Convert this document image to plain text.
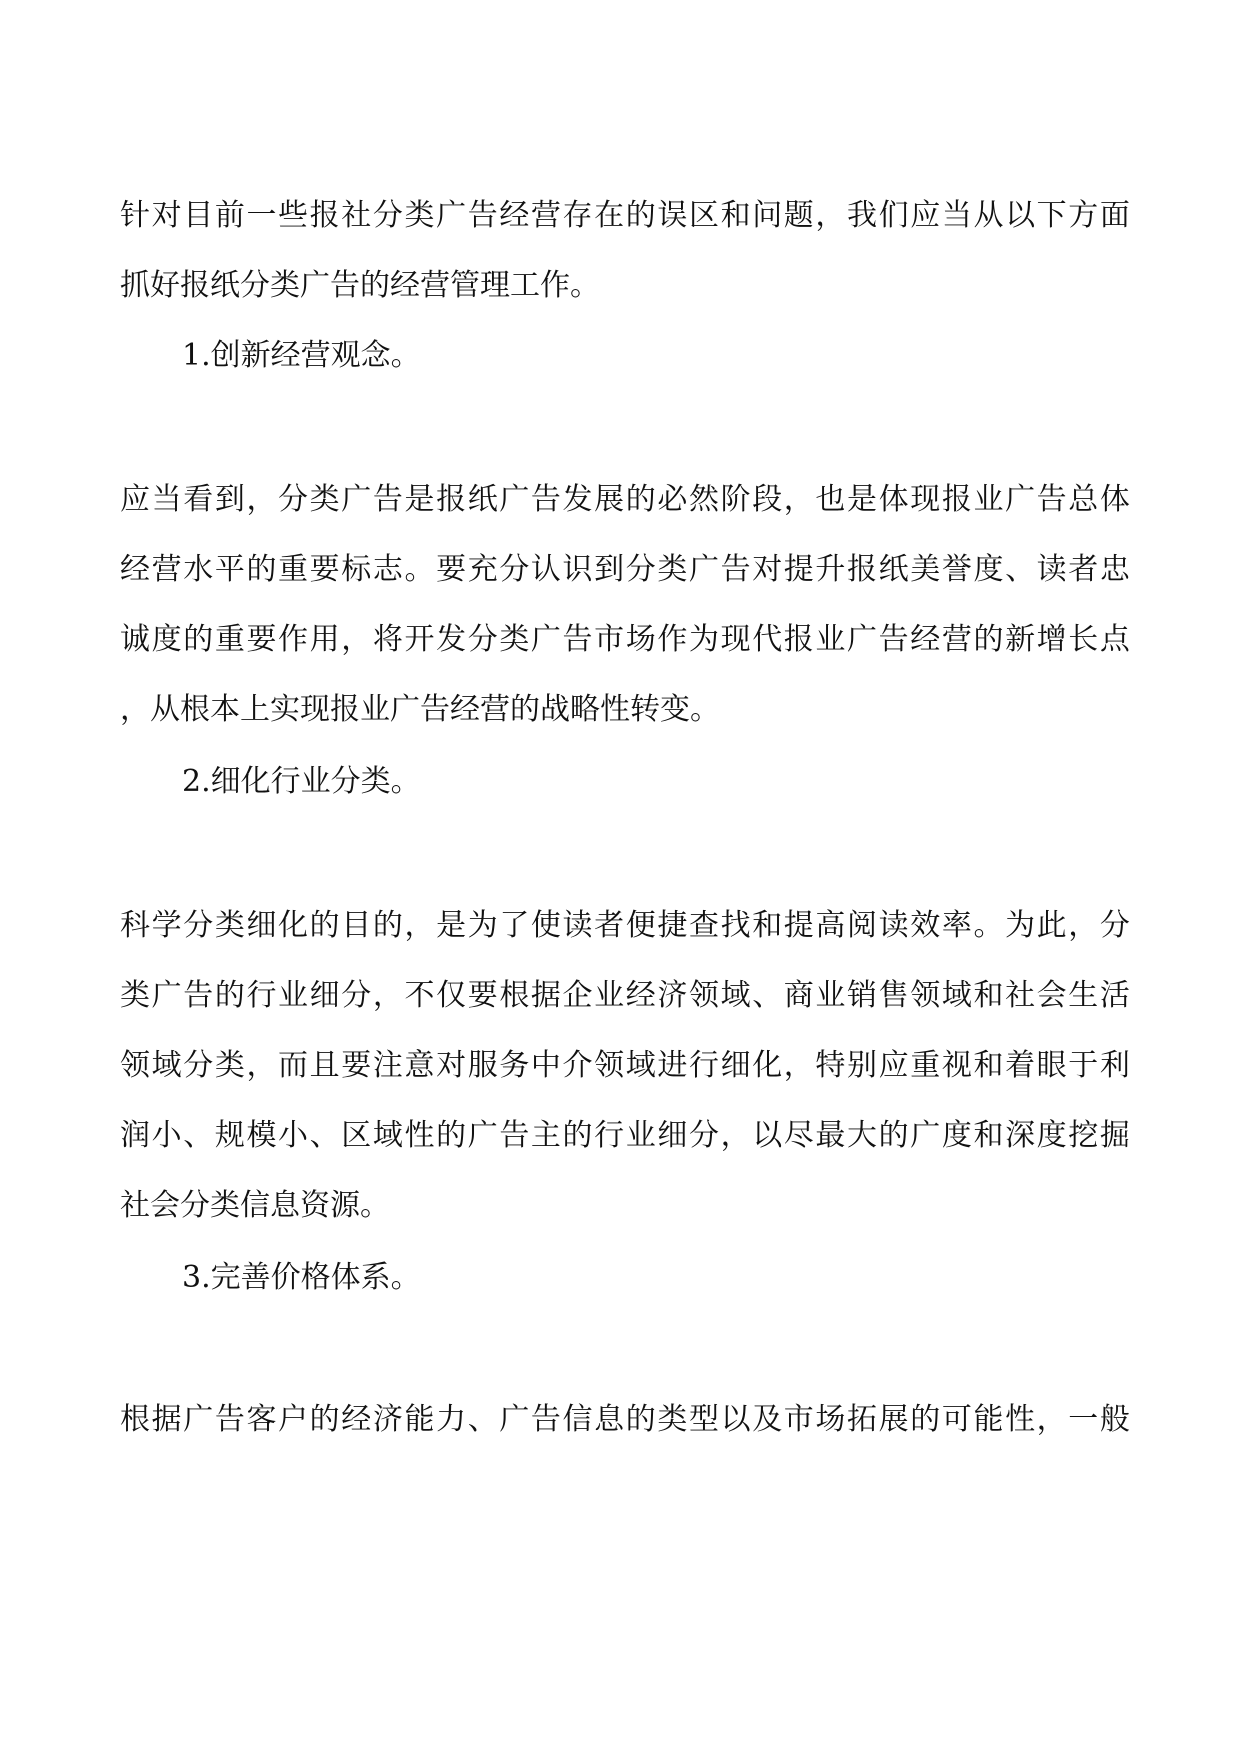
针 对 目 前 一 些 报 社 分 类 广 告 经 营 存 在 的 误 区 和 问 题 ， 我 们 应 当 从 以 下 方 面
抓好报纸分类广告的经营管理工作。
1.创新经营观念。
应 当 看 到 ， 分 类 广 告 是 报 纸 广 告 发 展 的 必 然 阶 段 ， 也 是 体 现 报 业 广 告 总 体
经 营 水 平 的 重 要 标 志 。 要 充 分 认 识 到 分 类 广 告 对 提 升 报 纸 美 誉 度 、 读 者 忠
诚 度 的 重 要 作 用 ， 将 开 发 分 类 广 告 市 场 作 为 现 代 报 业 广 告 经 营 的 新 增 长 点
，从根本上实现报业广告经营的战略性转变。
2.细化行业分类。
科 学 分 类 细 化 的 目 的 ， 是 为 了 使 读 者 便 捷 查 找 和 提 高 阅 读 效 率 。 为 此 ， 分
类 广 告 的 行 业 细 分 ， 不 仅 要 根 据 企 业 经 济 领 域 、 商 业 销 售 领 域 和 社 会 生 活
领 域 分 类 ， 而 且 要 注 意 对 服 务 中 介 领 域 进 行 细 化 ， 特 别 应 重 视 和 着 眼 于 利
润 小 、 规 模 小 、 区 域 性 的 广 告 主 的 行 业 细 分 ， 以 尽 最 大 的 广 度 和 深 度 挖 掘
社会分类信息资源。
3.完善价格体系。
根 据 广 告 客 户 的 经 济 能 力 、 广 告 信 息 的 类 型 以 及 市 场 拓 展 的 可 能 性 ， 一 般
